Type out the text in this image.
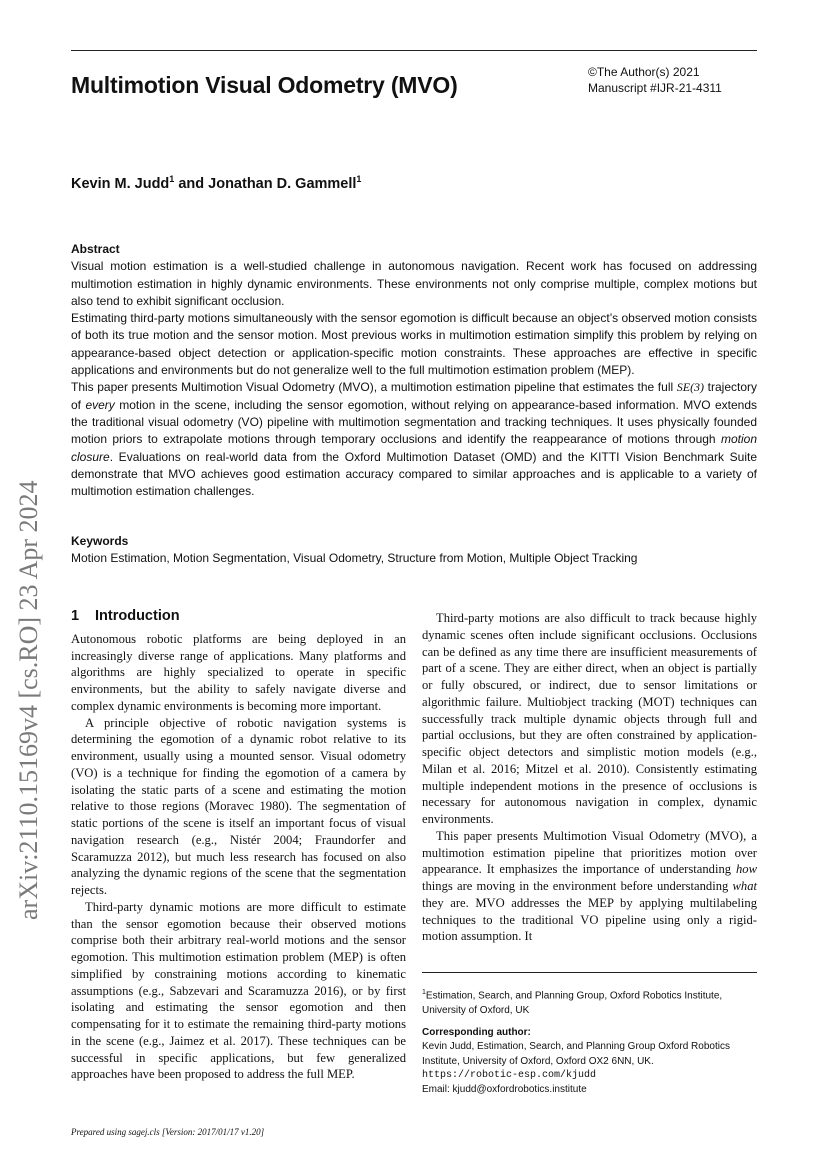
Multimotion Visual Odometry (MVO)	©The Author(s) 2021
Manuscript #IJR-21-4311
Kevin M. Judd$^1$ and Jonathan D. Gammell$^1$
arXiv:2110.15169v4 [cs.RO] 23 Apr 2024
Abstract

Visual motion estimation is a well-studied challenge in autonomous navigation. Recent work has focused on addressing multimotion estimation in highly dynamic environments. These environments not only comprise multiple, complex motions but also tend to exhibit significant occlusion.

Estimating third-party motions simultaneously with the sensor egomotion is difficult because an object’s observed motion consists of both its true motion and the sensor motion. Most previous works in multimotion estimation simplify this problem by relying on appearance-based object detection or application-specific motion constraints. These approaches are effective in specific applications and environments but do not generalize well to the full multimotion estimation problem (MEP).

This paper presents Multimotion Visual Odometry (MVO), a multimotion estimation pipeline that estimates the full SE(3) trajectory of every motion in the scene, including the sensor egomotion, without relying on appearance-based information. MVO extends the traditional visual odometry (VO) pipeline with multimotion segmentation and tracking techniques. It uses physically founded motion priors to extrapolate motions through temporary occlusions and identify the reappearance of motions through motion closure. Evaluations on real-world data from the Oxford Multimotion Dataset (OMD) and the KITTI Vision Benchmark Suite demonstrate that MVO achieves good estimation accuracy compared to similar approaches and is applicable to a variety of multimotion estimation challenges.

Keywords

Motion Estimation, Motion Segmentation, Visual Odometry, Structure from Motion, Multiple Object Tracking

1 Introduction

Autonomous robotic platforms are being deployed in an increasingly diverse range of applications. Many platforms and algorithms are highly specialized to operate in specific environments, but the ability to safely navigate diverse and complex dynamic environments is becoming more important.

A principle objective of robotic navigation systems is determining the egomotion of a dynamic robot relative to its environment, usually using a mounted sensor. Visual odometry (VO) is a technique for finding the egomotion of a camera by isolating the static parts of a scene and estimating the motion relative to those regions (Moravec 1980). The segmentation of static portions of the scene is itself an important focus of visual navigation research (e.g., Nistér 2004; Fraundorfer and Scaramuzza 2012), but much less research has focused on also analyzing the dynamic regions of the scene that the segmentation rejects.

Third-party dynamic motions are more difficult to estimate than the sensor egomotion because their observed motions comprise both their arbitrary real-world motions and the sensor egomotion. This multimotion estimation problem (MEP) is often simplified by constraining motions according to kinematic assumptions (e.g., Sabzevari and Scaramuzza 2016), or by first isolating and estimating the sensor egomotion and then compensating for it to estimate the remaining third-party motions in the scene (e.g., Jaimez et al. 2017). These techniques can be successful in specific applications, but few generalized approaches have been proposed to address the full MEP.

Third-party motions are also difficult to track because highly dynamic scenes often include significant occlusions. Occlusions can be defined as any time there are insufficient measurements of part of a scene. They are either direct, when an object is partially or fully obscured, or indirect, due to sensor limitations or algorithmic failure. Multiobject tracking (MOT) techniques can successfully track multiple dynamic objects through full and partial occlusions, but they are often constrained by application-specific object detectors and simplistic motion models (e.g., Milan et al. 2016; Mitzel et al. 2010). Consistently estimating multiple independent motions in the presence of occlusions is necessary for autonomous navigation in complex, dynamic environments.

This paper presents Multimotion Visual Odometry (MVO), a multimotion estimation pipeline that prioritizes motion over appearance. It emphasizes the importance of understanding how things are moving in the environment before understanding what they are. MVO addresses the MEP by applying multilabeling techniques to the traditional VO pipeline using only a rigid-motion assumption. It

$^1$Estimation, Search, and Planning Group, Oxford Robotics Institute, University of Oxford, UK

Corresponding author:

Kevin Judd, Estimation, Search, and Planning Group Oxford Robotics Institute, University of Oxford, Oxford OX2 6NN, UK.

https://robotic-esp.com/kjudd

Email: kjudd@oxfordrobotics.institute

Prepared using sagej.cls [Version: 2017/01/17 v1.20]
